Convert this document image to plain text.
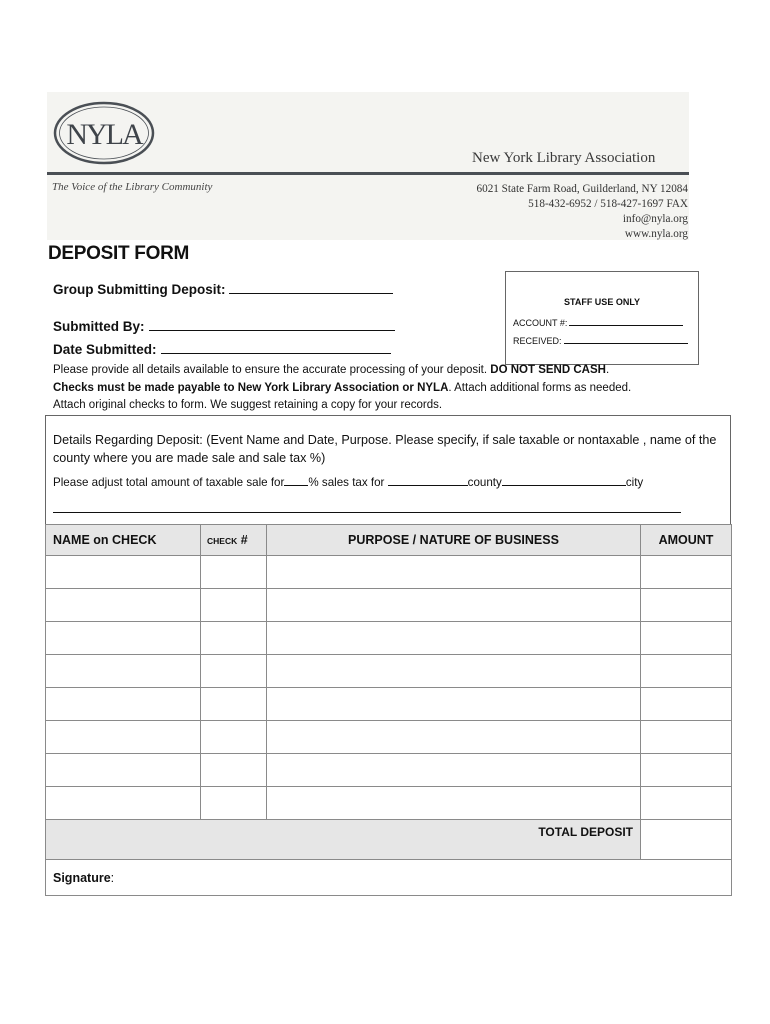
NYLA
New York Library Association
The Voice of the Library Community	6021 State Farm Road, Guilderland, NY 12084
518-432-6952 / 518-427-1697 FAX
info@nyla.org
www.nyla.org
DEPOSIT FORM
Group Submitting Deposit:
Submitted By:
Date Submitted:
STAFF USE ONLY
ACCOUNT #:
RECEIVED:
Please provide all details available to ensure the accurate processing of your deposit. DO NOT SEND CASH.
Checks must be made payable to New York Library Association or NYLA. Attach additional forms as needed.
Attach original checks to form. We suggest retaining a copy for your records.
Details Regarding Deposit: (Event Name and Date, Purpose. Please specify, if sale taxable or nontaxable , name of the county where you are made sale and sale tax %)
Please adjust total amount of taxable sale for % sales tax for	county	city
NAME on CHECK	CHECK #	PURPOSE / NATURE OF BUSINESS	AMOUNT

TOTAL DEPOSIT			
Signature:			
